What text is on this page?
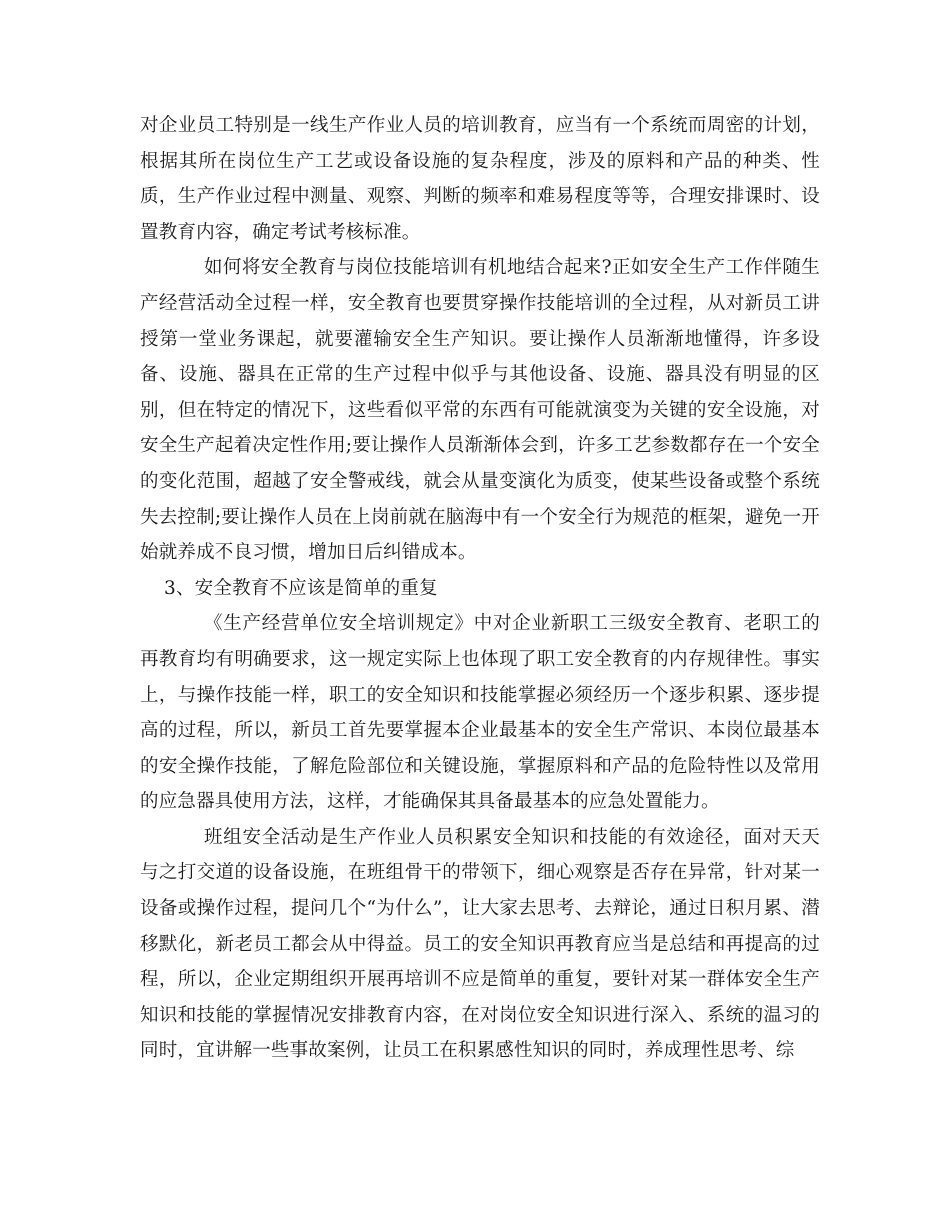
对企业员工特别是一线生产作业人员的培训教育，应当有一个系统而周密的计划，根据其所在岗位生产工艺或设备设施的复杂程度，涉及的原料和产品的种类、性质，生产作业过程中测量、观察、判断的频率和难易程度等等，合理安排课时、设置教育内容，确定考试考核标准。

如何将安全教育与岗位技能培训有机地结合起来?正如安全生产工作伴随生产经营活动全过程一样，安全教育也要贯穿操作技能培训的全过程，从对新员工讲授第一堂业务课起，就要灌输安全生产知识。要让操作人员渐渐地懂得，许多设备、设施、器具在正常的生产过程中似乎与其他设备、设施、器具没有明显的区别，但在特定的情况下，这些看似平常的东西有可能就演变为关键的安全设施，对安全生产起着决定性作用;要让操作人员渐渐体会到，许多工艺参数都存在一个安全的变化范围，超越了安全警戒线，就会从量变演化为质变，使某些设备或整个系统失去控制;要让操作人员在上岗前就在脑海中有一个安全行为规范的框架，避免一开始就养成不良习惯，增加日后纠错成本。

3、安全教育不应该是简单的重复

《生产经营单位安全培训规定》中对企业新职工三级安全教育、老职工的再教育均有明确要求，这一规定实际上也体现了职工安全教育的内存规律性。事实上，与操作技能一样，职工的安全知识和技能掌握必须经历一个逐步积累、逐步提高的过程，所以，新员工首先要掌握本企业最基本的安全生产常识、本岗位最基本的安全操作技能，了解危险部位和关键设施，掌握原料和产品的危险特性以及常用的应急器具使用方法，这样，才能确保其具备最基本的应急处置能力。

班组安全活动是生产作业人员积累安全知识和技能的有效途径，面对天天与之打交道的设备设施，在班组骨干的带领下，细心观察是否存在异常，针对某一设备或操作过程，提问几个“为什么”，让大家去思考、去辩论，通过日积月累、潜移默化，新老员工都会从中得益。员工的安全知识再教育应当是总结和再提高的过程，所以，企业定期组织开展再培训不应是简单的重复，要针对某一群体安全生产知识和技能的掌握情况安排教育内容，在对岗位安全知识进行深入、系统的温习的同时，宜讲解一些事故案例，让员工在积累感性知识的同时，养成理性思考、综
